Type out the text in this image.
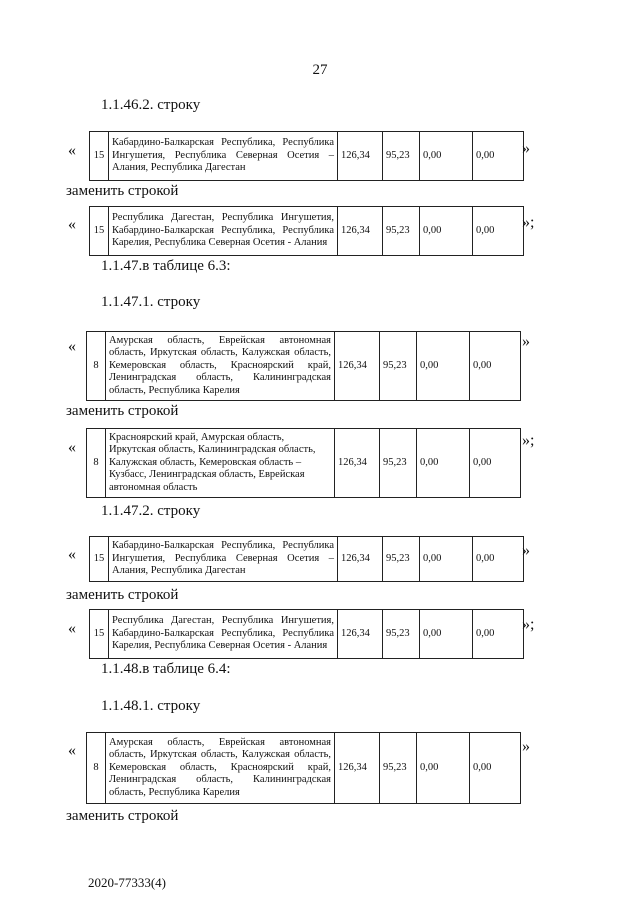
27
1.1.46.2. строку
« 15	Кабардино-Балкарская Республика, Республика Ингушетия, Республика Северная Осетия – Алания, Республика Дагестан	126,34	95,23	0,00	0,00 »
заменить строкой
« 15	Республика Дагестан, Республика Ингушетия, Кабардино-Балкарская Республика, Республика Карелия, Республика Северная Осетия - Алания	126,34	95,23	0,00	0,00 »;
1.1.47.в таблице 6.3:
1.1.47.1. строку
«
8	Амурская область, Еврейская автономная область, Иркутская область, Калужская область, Кемеровская область, Красноярский край, Ленинградская область, Калининградская область, Республика Карелия	126,34	95,23	0,00	0,00
»
заменить строкой
«
8	Красноярский край, Амурская область, Иркутская область, Калининградская область, Калужская область, Кемеровская область – Кузбасс, Ленинградская область, Еврейская автономная область	126,34	95,23	0,00	0,00
»;
1.1.47.2. строку
« 15	Кабардино-Балкарская Республика, Республика Ингушетия, Республика Северная Осетия – Алания, Республика Дагестан	126,34	95,23	0,00	0,00 »
заменить строкой
« 15	Республика Дагестан, Республика Ингушетия, Кабардино-Балкарская Республика, Республика Карелия, Республика Северная Осетия - Алания	126,34	95,23	0,00	0,00
»;
1.1.48.в таблице 6.4:
1.1.48.1. строку
«
8	Амурская область, Еврейская автономная область, Иркутская область, Калужская область, Кемеровская область, Красноярский край, Ленинградская область, Калининградская область, Республика Карелия	126,34	95,23	0,00	0,00
»
заменить строкой
2020-77333(4)
